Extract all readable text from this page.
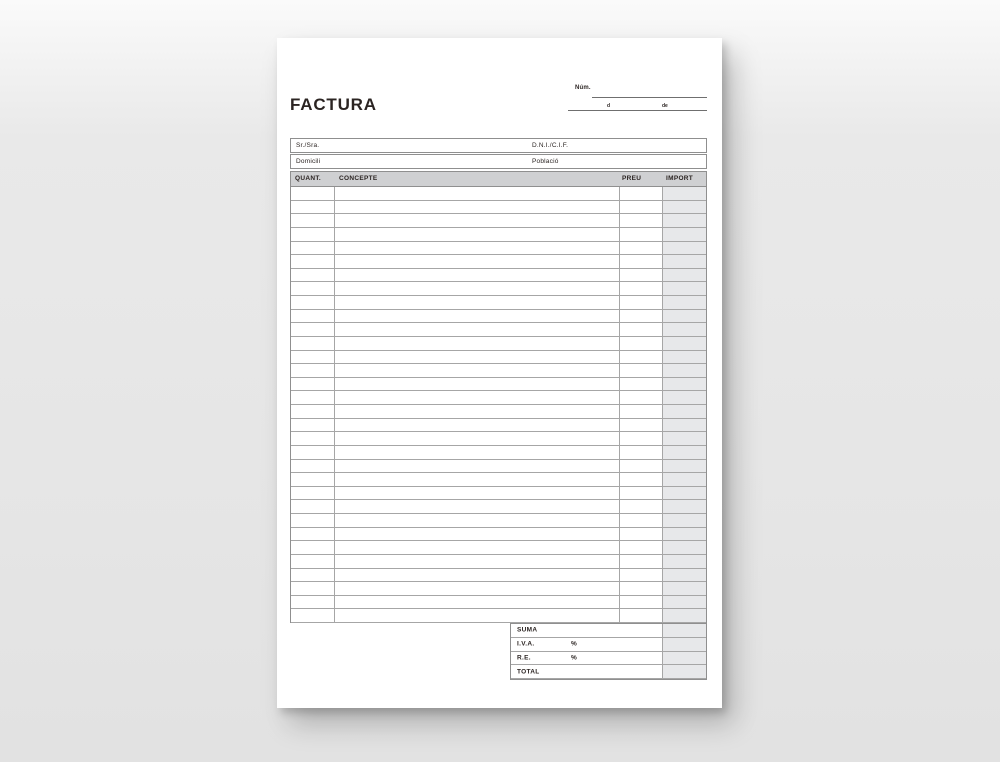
FACTURA
Núm.
d	de
Sr./Sra.	D.N.I./C.I.F.
Domicili	Població
QUANT.	CONCEPTE	PREU	IMPORT
SUMA
I.V.A.	%
R.E.	%
TOTAL
